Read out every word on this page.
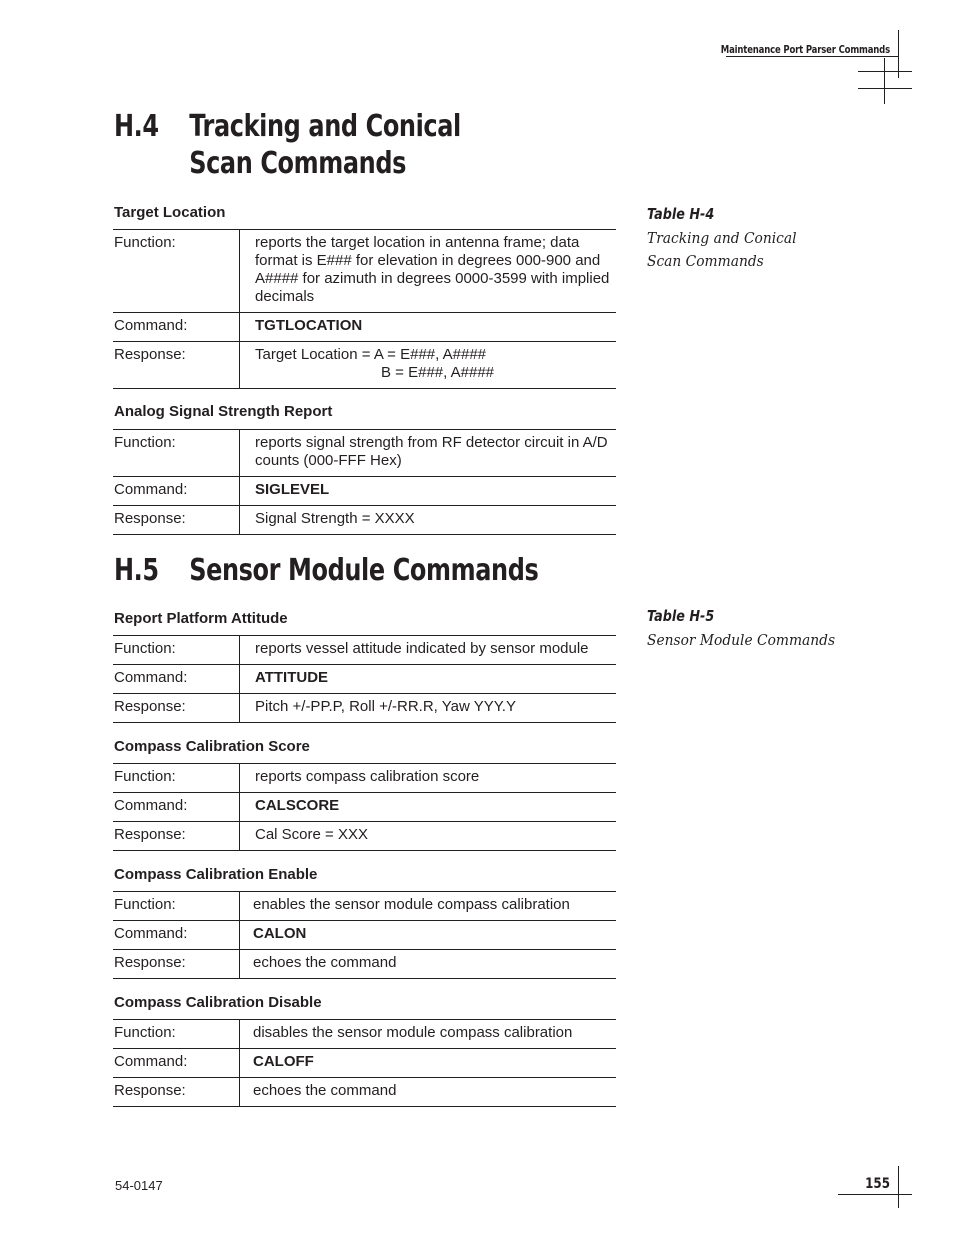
Maintenance Port Parser Commands
H.4 Tracking and Conical
Scan Commands
Table H-4
Tracking and Conical
Scan Commands
Target Location
Function:	reports the target location in antenna frame; data format is E### for elevation in degrees 000-900 and A#### for azimuth in degrees 0000-3599 with implied decimals
Command:	TGTLOCATION
Response:	Target Location = A = E###, A####
B = E###, A####
Analog Signal Strength Report
Function:	reports signal strength from RF detector circuit in A/D counts (000-FFF Hex)
Command:	SIGLEVEL
Response:	Signal Strength = XXXX
H.5 Sensor Module Commands
Table H-5
Sensor Module Commands
Report Platform Attitude
Function:	reports vessel attitude indicated by sensor module
Command:	ATTITUDE
Response:	Pitch +/-PP.P, Roll +/-RR.R, Yaw YYY.Y
Compass Calibration Score
Function:	reports compass calibration score
Command:	CALSCORE
Response:	Cal Score = XXX
Compass Calibration Enable
Function:	enables the sensor module compass calibration
Command:	CALON
Response:	echoes the command
Compass Calibration Disable
Function:	disables the sensor module compass calibration
Command:	CALOFF
Response:	echoes the command
54-0147	155
